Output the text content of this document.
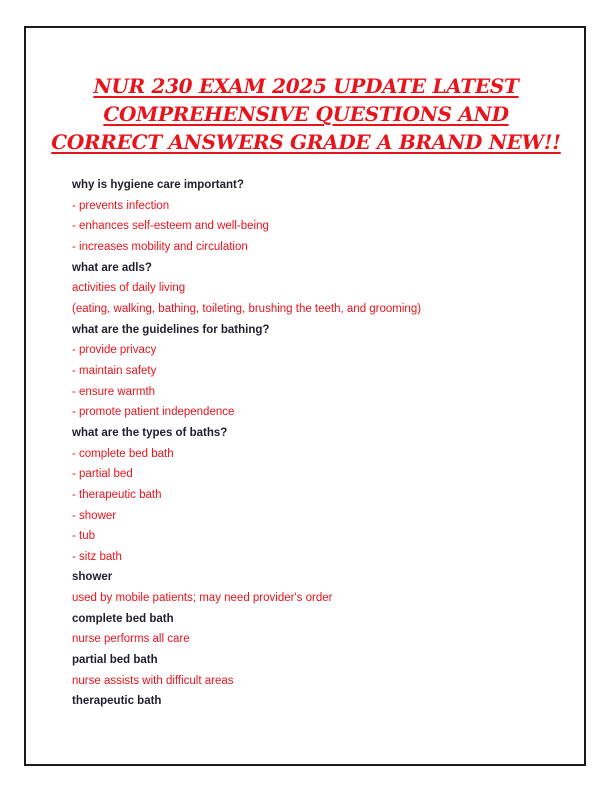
NUR 230 EXAM 2025 UPDATE LATEST
COMPREHENSIVE QUESTIONS AND
CORRECT ANSWERS GRADE A BRAND NEW!!
why is hygiene care important?
- prevents infection
- enhances self-esteem and well-being
- increases mobility and circulation
what are adls?
activities of daily living
(eating, walking, bathing, toileting, brushing the teeth, and grooming)
what are the guidelines for bathing?
- provide privacy
- maintain safety
- ensure warmth
- promote patient independence
what are the types of baths?
- complete bed bath
- partial bed
- therapeutic bath
- shower
- tub
- sitz bath
shower
used by mobile patients; may need provider's order
complete bed bath
nurse performs all care
partial bed bath
nurse assists with difficult areas
therapeutic bath
